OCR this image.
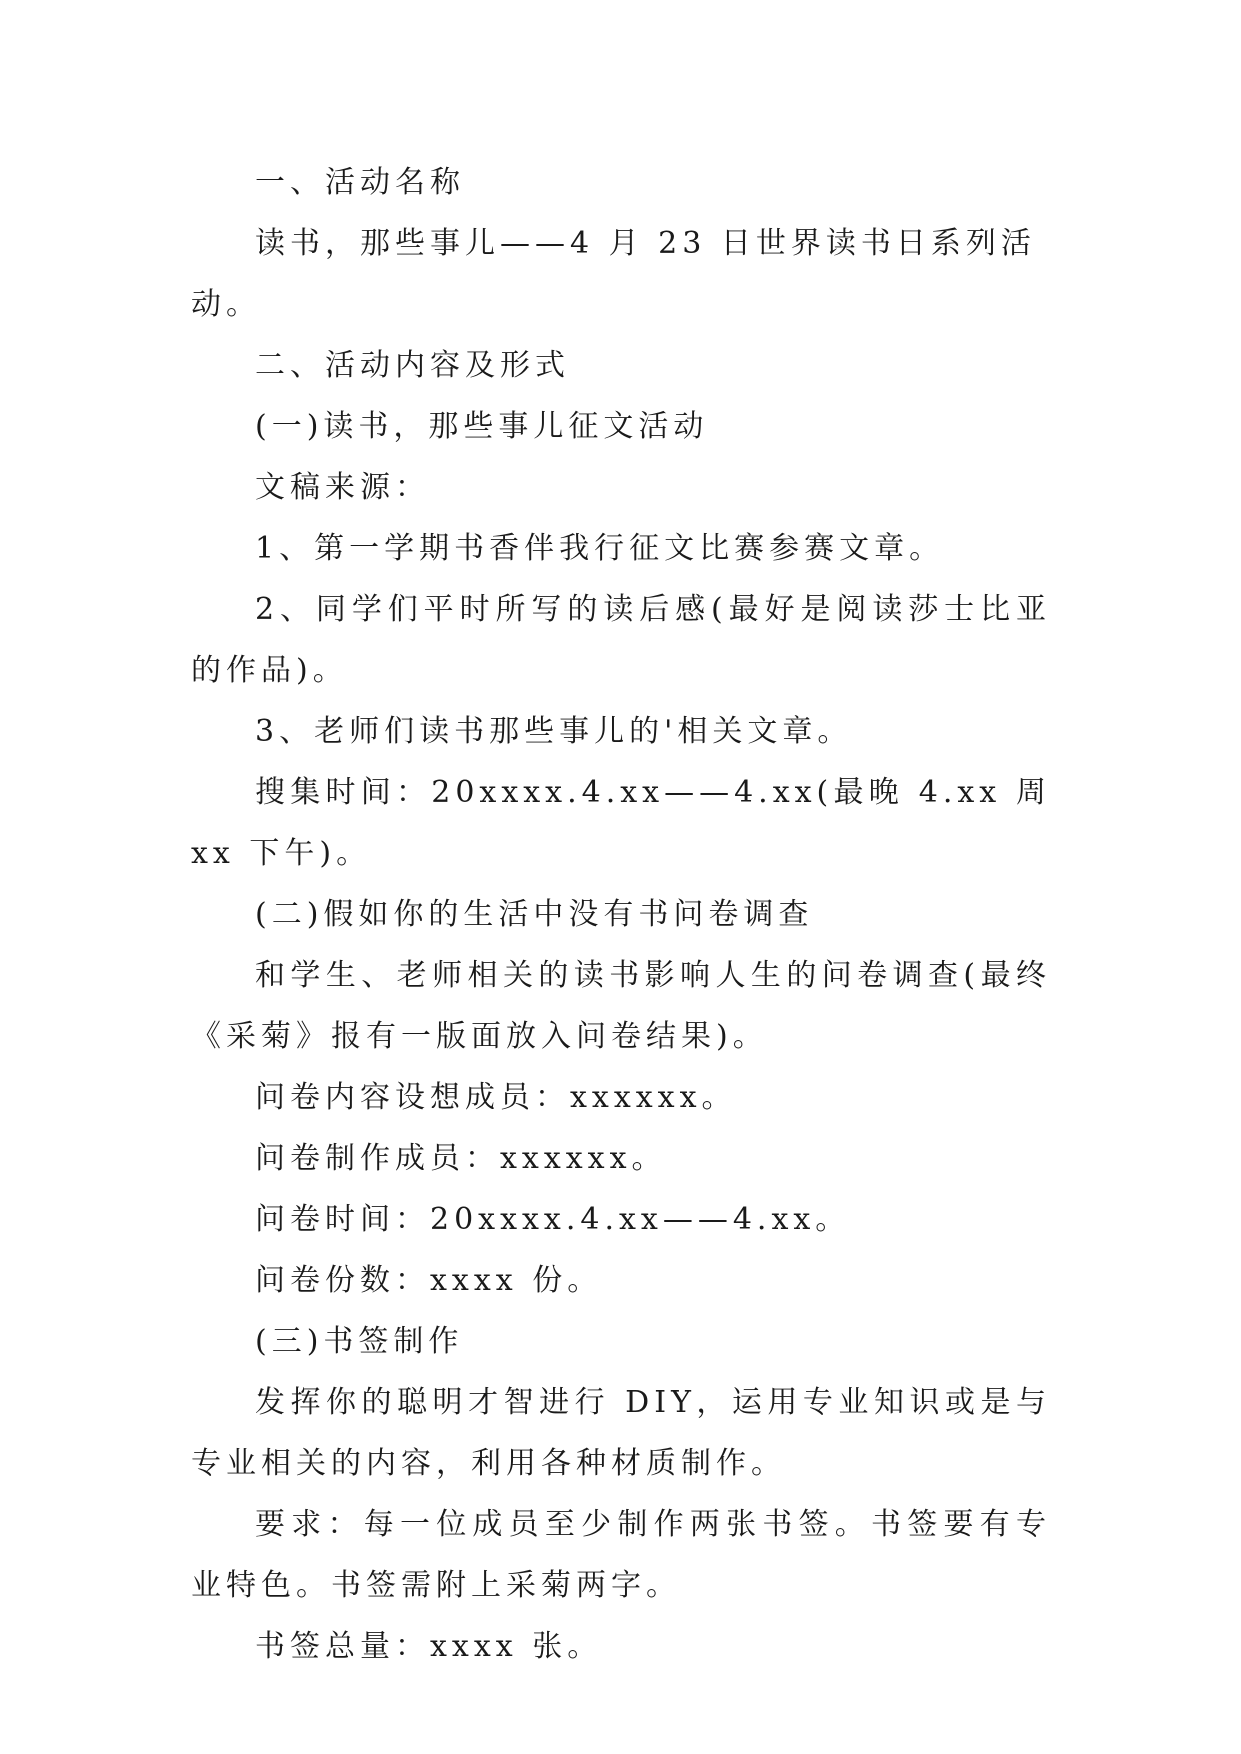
一、活动名称

读书，那些事儿——4 月 23 日世界读书日系列活动。

二、活动内容及形式

(一)读书，那些事儿征文活动

文稿来源：

1、第一学期书香伴我行征文比赛参赛文章。

2、同学们平时所写的读后感(最好是阅读莎士比亚的作品)。

3、老师们读书那些事儿的'相关文章。

搜集时间：20xxxx.4.xx——4.xx(最晚 4.xx 周 xx 下午)。

(二)假如你的生活中没有书问卷调查

和学生、老师相关的读书影响人生的问卷调查(最终《采菊》报有一版面放入问卷结果)。

问卷内容设想成员：xxxxxx。

问卷制作成员：xxxxxx。

问卷时间：20xxxx.4.xx——4.xx。

问卷份数：xxxx 份。

(三)书签制作

发挥你的聪明才智进行 DIY，运用专业知识或是与专业相关的内容，利用各种材质制作。

要求：每一位成员至少制作两张书签。书签要有专业特色。书签需附上采菊两字。

书签总量：xxxx 张。
